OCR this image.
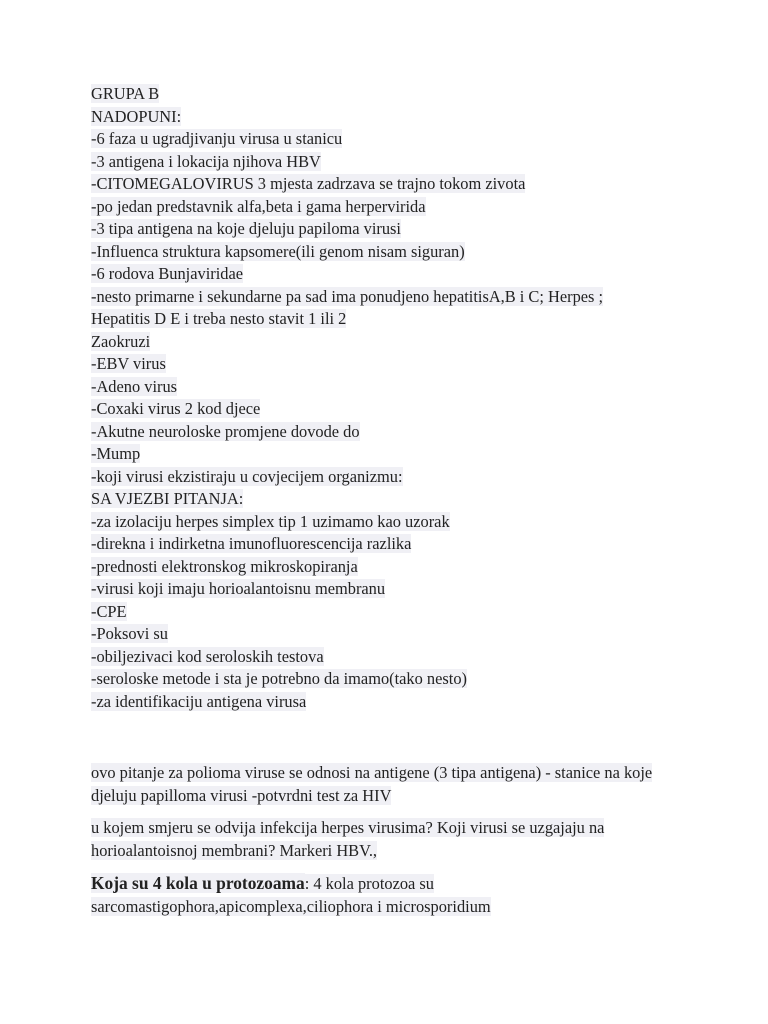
GRUPA B
NADOPUNI:
-6 faza u ugradjivanju virusa u stanicu
-3 antigena i lokacija njihova HBV
-CITOMEGALOVIRUS 3 mjesta zadrzava se trajno tokom zivota
-po jedan predstavnik alfa,beta i gama herpervirida
-3 tipa antigena na koje djeluju papiloma virusi
-Influenca struktura kapsomere(ili genom nisam siguran)
-6 rodova Bunjaviridae
-nesto primarne i sekundarne pa sad ima ponudjeno hepatitisA,B i C; Herpes ;
Hepatitis D E i treba nesto stavit 1 ili 2
Zaokruzi
-EBV virus
-Adeno virus
-Coxaki virus 2 kod djece
-Akutne neuroloske promjene dovode do
-Mump
-koji virusi ekzistiraju u covjecijem organizmu:
SA VJEZBI PITANJA:
-za izolaciju herpes simplex tip 1 uzimamo kao uzorak
-direkna i indirketna imunofluorescencija razlika
-prednosti elektronskog mikroskopiranja
-virusi koji imaju horioalantoisnu membranu
-CPE
-Poksovi su
-obiljezivaci kod seroloskih testova
-seroloske metode i sta je potrebno da imamo(tako nesto)
-za identifikaciju antigena virusa

ovo pitanje za polioma viruse se odnosi na antigene (3 tipa antigena) - stanice na koje djeluju papilloma virusi -potvrdni test za HIV

u kojem smjeru se odvija infekcija herpes virusima? Koji virusi se uzgajaju na horioalantoisnoj membrani? Markeri HBV.,

Koja su 4 kola u protozoama: 4 kola protozoa su sarcomastigophora,apicomplexa,ciliophora i microsporidium
